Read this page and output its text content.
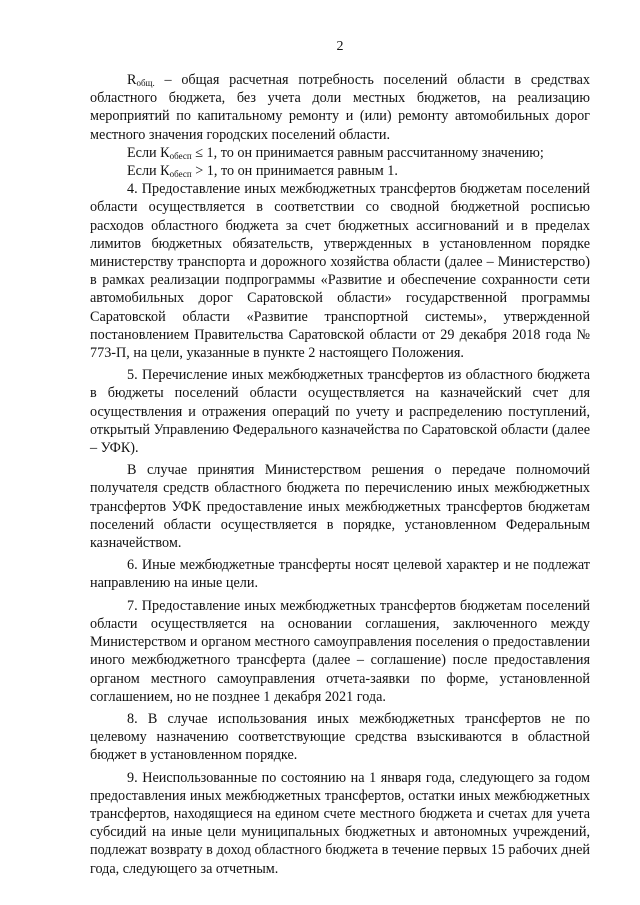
2

$R_{общ.}$ – общая расчетная потребность поселений области в средствах областного бюджета, без учета доли местных бюджетов, на реализацию мероприятий по капитальному ремонту и (или) ремонту автомобильных дорог местного значения городских поселений области.

Если $К_{обесп} \le 1$, то он принимается равным рассчитанному значению;

Если $К_{обесп} > 1$, то он принимается равным 1.

4. Предоставление иных межбюджетных трансфертов бюджетам поселений области осуществляется в соответствии со сводной бюджетной росписью расходов областного бюджета за счет бюджетных ассигнований и в пределах лимитов бюджетных обязательств, утвержденных в установленном порядке министерству транспорта и дорожного хозяйства области (далее – Министерство) в рамках реализации подпрограммы «Развитие и обеспечение сохранности сети автомобильных дорог Саратовской области» государственной программы Саратовской области «Развитие транспортной системы», утвержденной постановлением Правительства Саратовской области от 29 декабря 2018 года № 773-П, на цели, указанные в пункте 2 настоящего Положения.

5. Перечисление иных межбюджетных трансфертов из областного бюджета в бюджеты поселений области осуществляется на казначейский счет для осуществления и отражения операций по учету и распределению поступлений, открытый Управлению Федерального казначейства по Саратовской области (далее – УФК).

В случае принятия Министерством решения о передаче полномочий получателя средств областного бюджета по перечислению иных межбюджетных трансфертов УФК предоставление иных межбюджетных трансфертов бюджетам поселений области осуществляется в порядке, установленном Федеральным казначейством.

6. Иные межбюджетные трансферты носят целевой характер и не подлежат направлению на иные цели.

7. Предоставление иных межбюджетных трансфертов бюджетам поселений области осуществляется на основании соглашения, заключенного между Министерством и органом местного самоуправления поселения о предоставлении иного межбюджетного трансферта (далее – соглашение) после предоставления органом местного самоуправления отчета-заявки по форме, установленной соглашением, но не позднее 1 декабря 2021 года.

8. В случае использования иных межбюджетных трансфертов не по целевому назначению соответствующие средства взыскиваются в областной бюджет в установленном порядке.

9. Неиспользованные по состоянию на 1 января года, следующего за годом предоставления иных межбюджетных трансфертов, остатки иных межбюджетных трансфертов, находящиеся на едином счете местного бюджета и счетах для учета субсидий на иные цели муниципальных бюджетных и автономных учреждений, подлежат возврату в доход областного бюджета в течение первых 15 рабочих дней года, следующего за отчетным.
